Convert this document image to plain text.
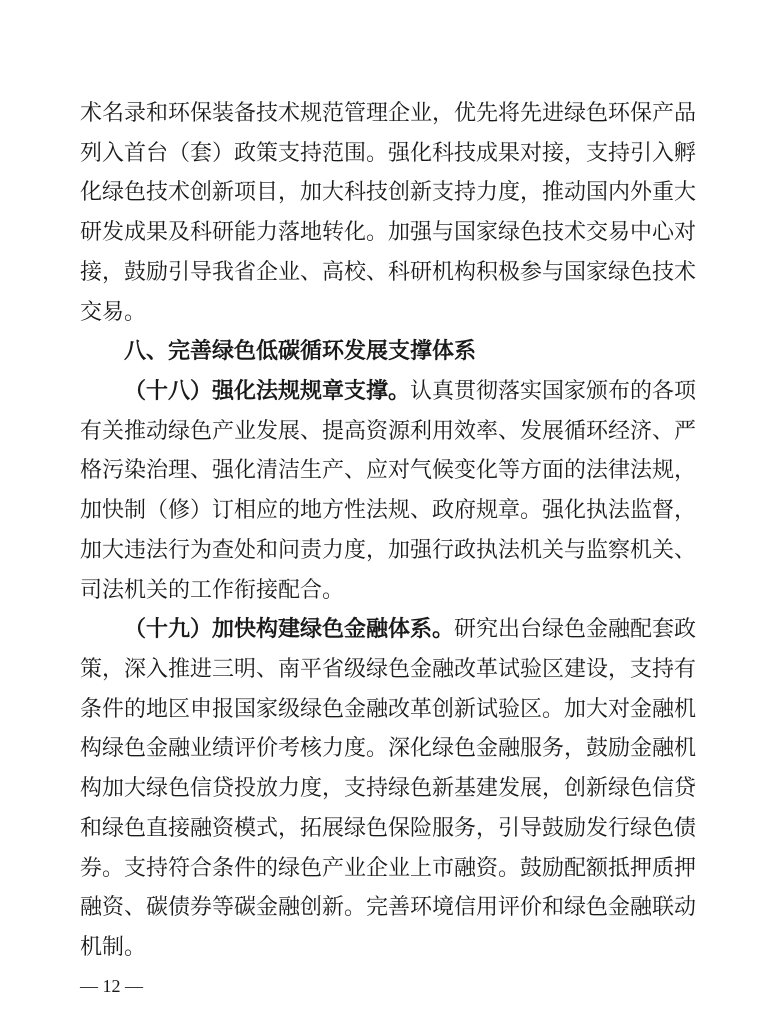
术名录和环保装备技术规范管理企业，优先将先进绿色环保产品
列入首台（套）政策支持范围。强化科技成果对接，支持引入孵
化绿色技术创新项目，加大科技创新支持力度，推动国内外重大
研发成果及科研能力落地转化。加强与国家绿色技术交易中心对
接，鼓励引导我省企业、高校、科研机构积极参与国家绿色技术
交易。
八、完善绿色低碳循环发展支撑体系
（十八）强化法规规章支撑。认真贯彻落实国家颁布的各项
有关推动绿色产业发展、提高资源利用效率、发展循环经济、严
格污染治理、强化清洁生产、应对气候变化等方面的法律法规，
加快制（修）订相应的地方性法规、政府规章。强化执法监督，
加大违法行为查处和问责力度，加强行政执法机关与监察机关、
司法机关的工作衔接配合。
（十九）加快构建绿色金融体系。研究出台绿色金融配套政
策，深入推进三明、南平省级绿色金融改革试验区建设，支持有
条件的地区申报国家级绿色金融改革创新试验区。加大对金融机
构绿色金融业绩评价考核力度。深化绿色金融服务，鼓励金融机
构加大绿色信贷投放力度，支持绿色新基建发展，创新绿色信贷
和绿色直接融资模式，拓展绿色保险服务，引导鼓励发行绿色债
券。支持符合条件的绿色产业企业上市融资。鼓励配额抵押质押
融资、碳债券等碳金融创新。完善环境信用评价和绿色金融联动
机制。
— 12 —
